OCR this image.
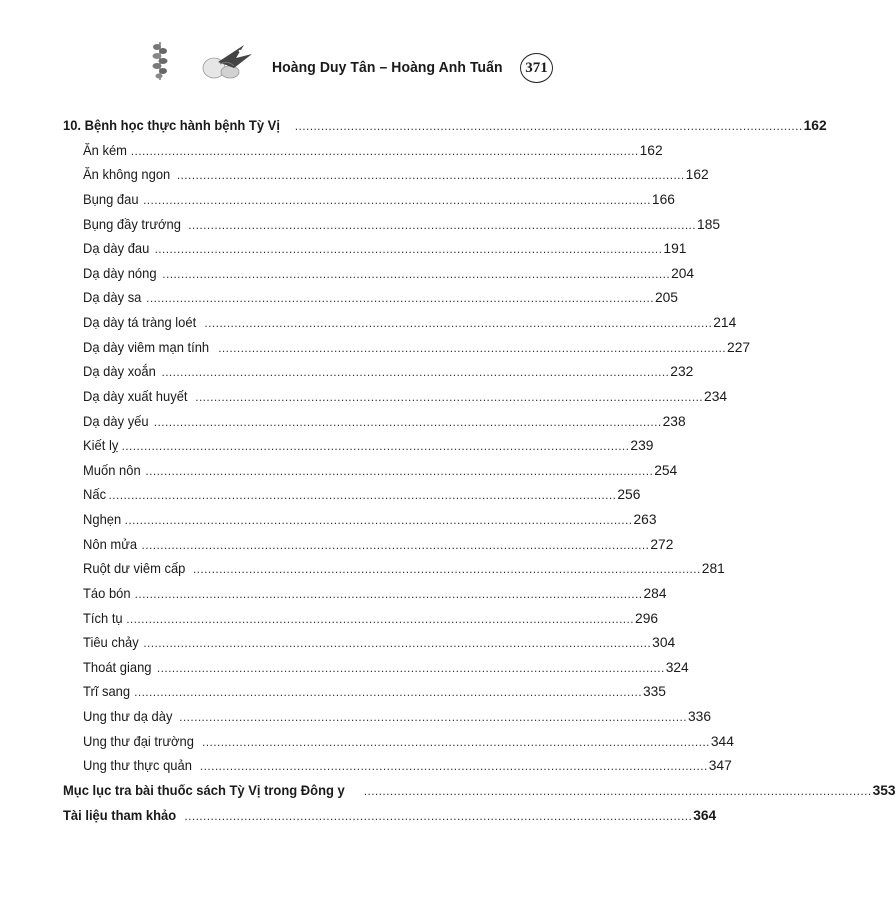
Hoàng Duy Tân – Hoàng Anh Tuấn	371
10. Bệnh học thực hành bệnh Tỳ Vị ........................................................................................................................................ 162
Ăn kém ........................................................................................................................................ 162
Ăn không ngon ........................................................................................................................................ 162
Bụng đau ........................................................................................................................................ 166
Bụng đầy trướng ........................................................................................................................................ 185
Dạ dày đau ........................................................................................................................................ 191
Dạ dày nóng ........................................................................................................................................ 204
Dạ dày sa ........................................................................................................................................ 205
Dạ dày tá tràng loét ........................................................................................................................................ 214
Dạ dày viêm mạn tính ........................................................................................................................................ 227
Dạ dày xoắn ........................................................................................................................................ 232
Dạ dày xuất huyết ........................................................................................................................................ 234
Dạ dày yếu ........................................................................................................................................ 238
Kiết lỵ ........................................................................................................................................ 239
Muốn nôn ........................................................................................................................................ 254
Nấc ........................................................................................................................................ 256
Nghẹn ........................................................................................................................................ 263
Nôn mửa ........................................................................................................................................ 272
Ruột dư viêm cấp ........................................................................................................................................ 281
Táo bón ........................................................................................................................................ 284
Tích tụ ........................................................................................................................................ 296
Tiêu chảy ........................................................................................................................................ 304
Thoát giang ........................................................................................................................................ 324
Trĩ sang ........................................................................................................................................ 335
Ung thư dạ dày ........................................................................................................................................ 336
Ung thư đại trường ........................................................................................................................................ 344
Ung thư thực quản ........................................................................................................................................ 347
Mục lục tra bài thuốc sách Tỳ Vị trong Đông y ........................................................................................................................................ 353
Tài liệu tham khảo ........................................................................................................................................ 364
